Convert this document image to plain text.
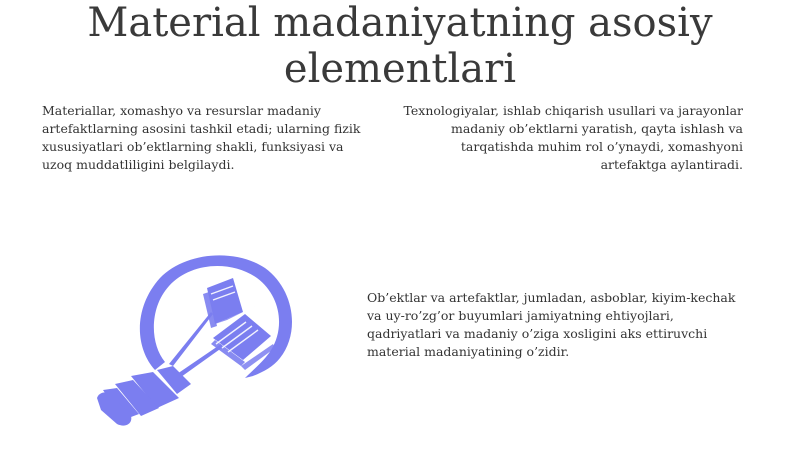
Material madaniyatning asosiy elementlari

Materiallar, xomashyo va resurslar madaniy artefaktlarning asosini tashkil etadi; ularning fizik xususiyatlari ob’ektlarning shakli, funksiyasi va uzoq muddatliligini belgilaydi.

Texnologiyalar, ishlab chiqarish usullari va jarayonlar madaniy ob’ektlarni yaratish, qayta ishlash va tarqatishda muhim rol o’ynaydi, xomashyoni artefaktga aylantiradi.

Ob’ektlar va artefaktlar, jumladan, asboblar, kiyim-kechak va uy-ro’zg’or buyumlari jamiyatning ehtiyojlari, qadriyatlari va madaniy o’ziga xosligini aks ettiruvchi material madaniyatining o’zidir.
